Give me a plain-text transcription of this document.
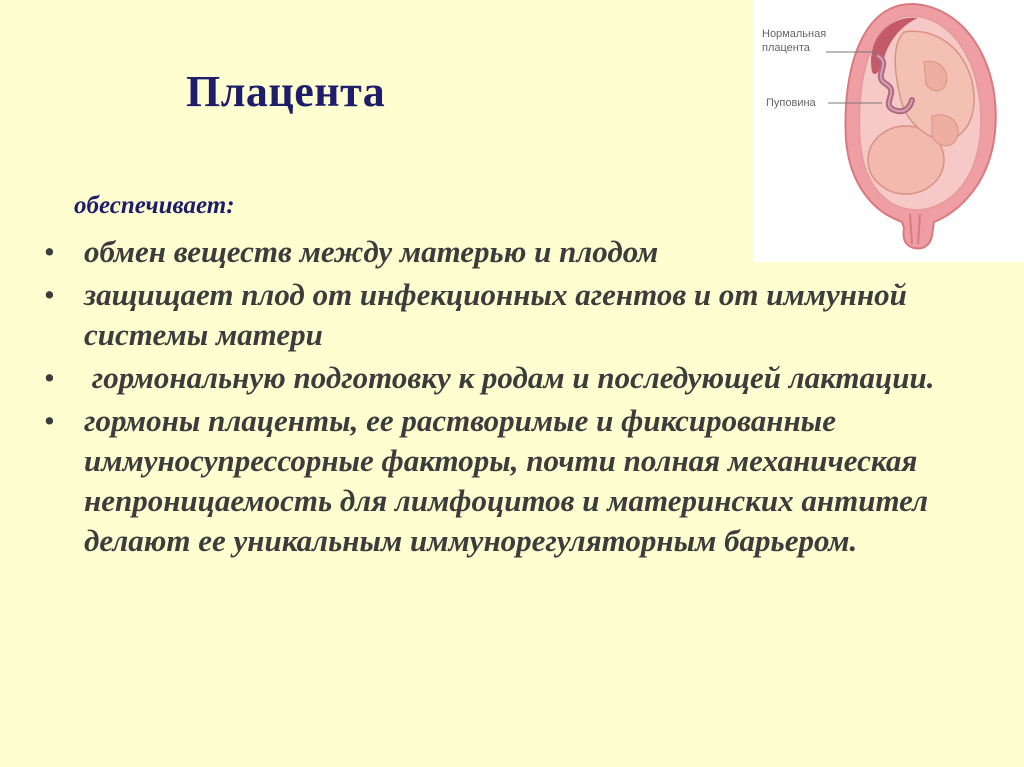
Плацента
обеспечивает:
• обмен веществ между матерью и плодом
• защищает плод от инфекционных агентов и от иммунной системы матери
• гормональную подготовку к родам и последующей лактации.
• гормоны плаценты, ее растворимые и фиксированные иммуносупрессорные факторы, почти полная механическая непроницаемость для лимфоцитов и материнских антител делают ее уникальным иммунорегуляторным барьером.
Нормальная
плацента
Пуповина
